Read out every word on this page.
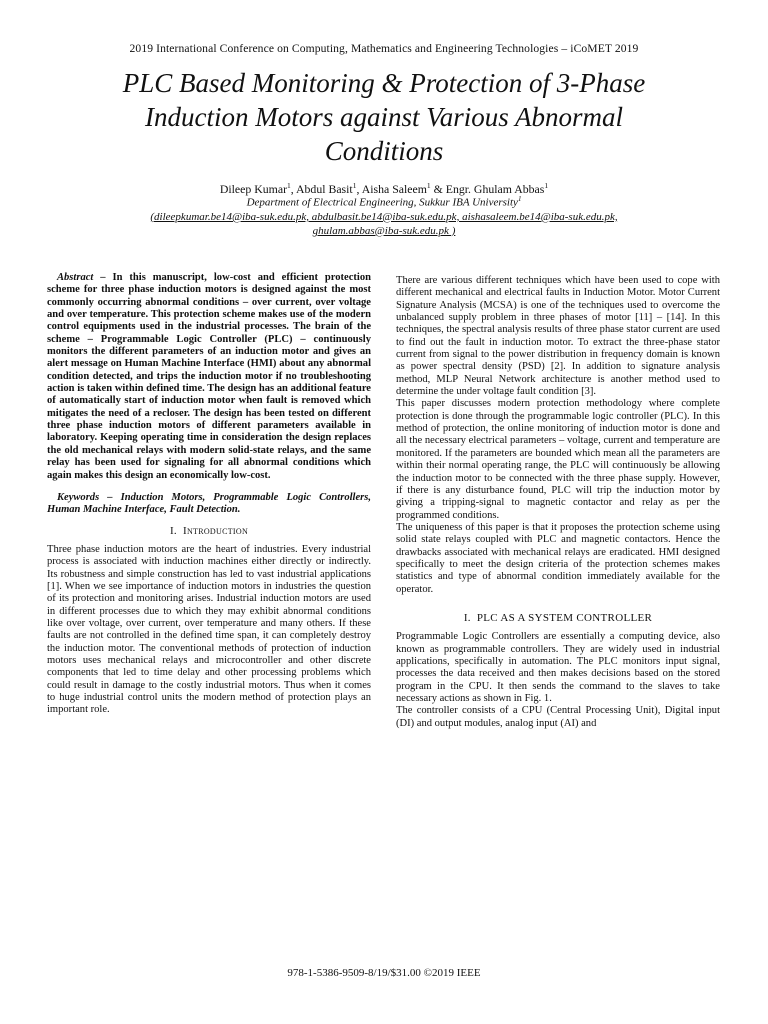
2019 International Conference on Computing, Mathematics and Engineering Technologies – iCoMET 2019
PLC Based Monitoring & Protection of 3-Phase
Induction Motors against Various Abnormal
Conditions
Dileep Kumar$^1$, Abdul Basit$^1$, Aisha Saleem$^1$ & Engr. Ghulam Abbas$^1$
Department of Electrical Engineering, Sukkur IBA University$^1$
(dileepkumar.be14@iba-suk.edu.pk, abdulbasit.be14@iba-suk.edu.pk, aishasaleem.be14@iba-suk.edu.pk,
ghulam.abbas@iba-suk.edu.pk )

Abstract – In this manuscript, low-cost and efficient protection scheme for three phase induction motors is designed against the most commonly occurring abnormal conditions – over current, over voltage and over temperature. This protection scheme makes use of the modern control equipments used in the industrial processes. The brain of the scheme – Programmable Logic Controller (PLC) – continuously monitors the different parameters of an induction motor and gives an alert message on Human Machine Interface (HMI) about any abnormal condition detected, and trips the induction motor if no troubleshooting action is taken within defined time. The design has an additional feature of automatically start of induction motor when fault is removed which mitigates the need of a recloser. The design has been tested on different three phase induction motors of different parameters available in laboratory. Keeping operating time in consideration the design replaces the old mechanical relays with modern solid-state relays, and the same relay has been used for signaling for all abnormal conditions which again makes this design an economically low-cost.

Keywords – Induction Motors, Programmable Logic Controllers, Human Machine Interface, Fault Detection.

I. Introduction

Three phase induction motors are the heart of industries. Every industrial process is associated with induction machines either directly or indirectly. Its robustness and simple construction has led to vast industrial applications [1]. When we see importance of induction motors in industries the question of its protection and monitoring arises. Industrial induction motors are used in different processes due to which they may exhibit abnormal conditions like over voltage, over current, over temperature and many others. If these faults are not controlled in the defined time span, it can completely destroy the induction motor. The conventional methods of protection of induction motors uses mechanical relays and microcontroller and other discrete components that led to time delay and other processing problems which could result in damage to the costly industrial motors. Thus when it comes to huge industrial control units the modern method of protection plays an important role.

There are various different techniques which have been used to cope with different mechanical and electrical faults in Induction Motor. Motor Current Signature Analysis (MCSA) is one of the techniques used to overcome the unbalanced supply problem in three phases of motor [11] – [14]. In this techniques, the spectral analysis results of three phase stator current are used to find out the fault in induction motor. To extract the three-phase stator current from signal to the power distribution in frequency domain is known as power spectral density (PSD) [2]. In addition to signature analysis method, MLP Neural Network architecture is another method used to determine the under voltage fault condition [3].

This paper discusses modern protection methodology where complete protection is done through the programmable logic controller (PLC). In this method of protection, the online monitoring of induction motor is done and all the necessary electrical parameters – voltage, current and temperature are monitored. If the parameters are bounded which mean all the parameters are within their normal operating range, the PLC will continuously be allowing the induction motor to be connected with the three phase supply. However, if there is any disturbance found, PLC will trip the induction motor by giving a tripping-signal to magnetic contactor and relay as per the programmed conditions.

The uniqueness of this paper is that it proposes the protection scheme using solid state relays coupled with PLC and magnetic contactors. Hence the drawbacks associated with mechanical relays are eradicated. HMI designed specifically to meet the design criteria of the protection schemes makes statistics and type of abnormal condition immediately available for the operator.

I. PLC AS A SYSTEM CONTROLLER

Programmable Logic Controllers are essentially a computing device, also known as programmable controllers. They are widely used in industrial applications, specifically in automation. The PLC monitors input signal, processes the data received and then makes decisions based on the stored program in the CPU. It then sends the command to the slaves to take necessary actions as shown in Fig. 1.

The controller consists of a CPU (Central Processing Unit), Digital input (DI) and output modules, analog input (AI) and

978-1-5386-9509-8/19/$31.00 ©2019 IEEE
